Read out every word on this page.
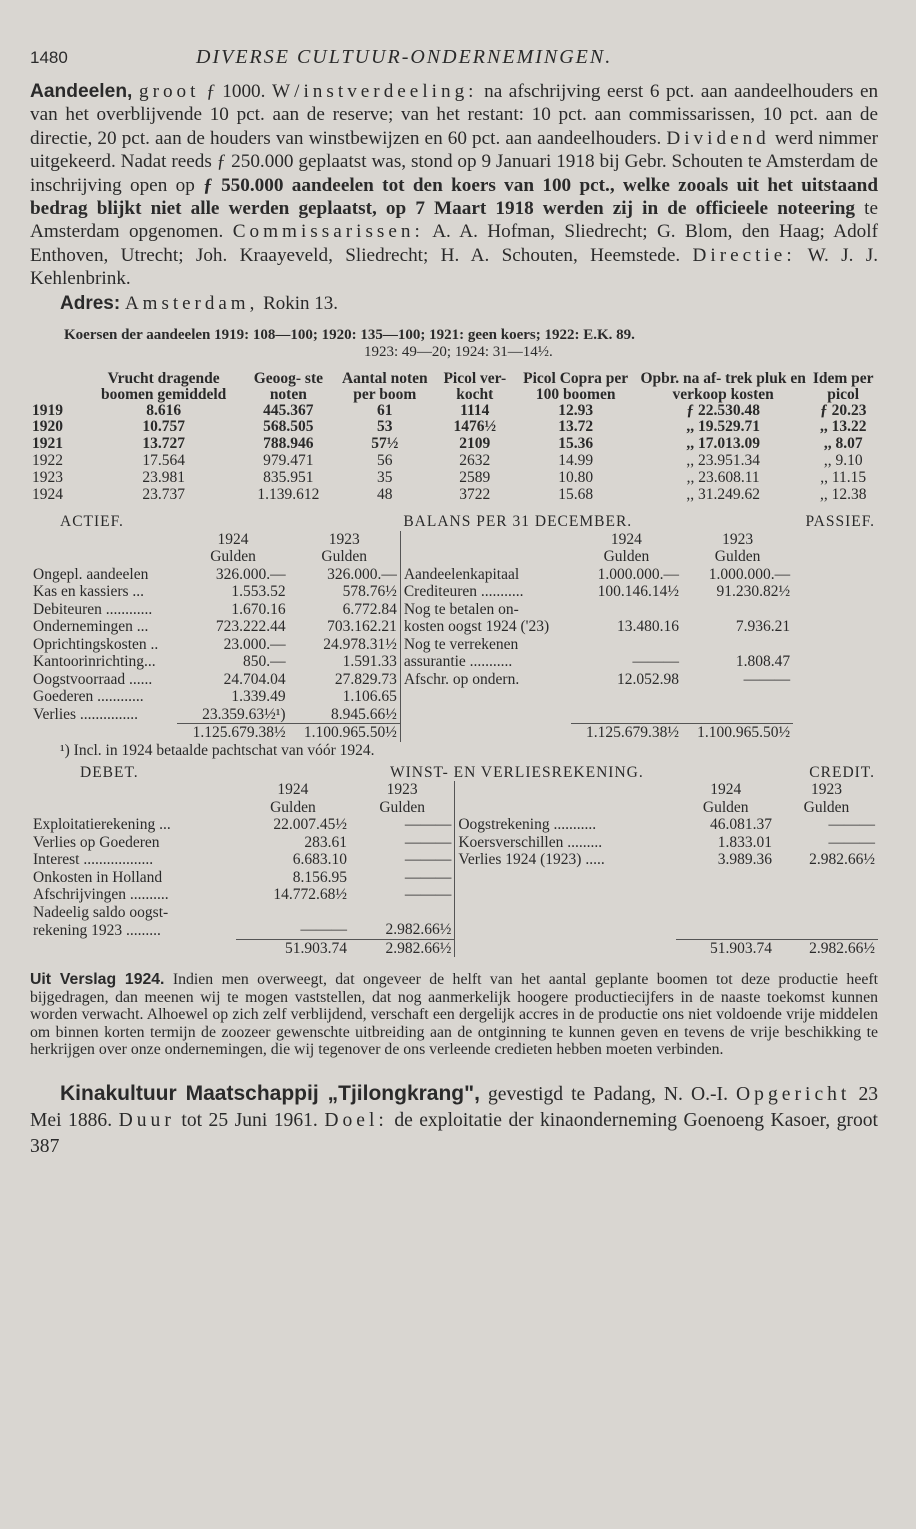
1480	DIVERSE CULTUUR-ONDERNEMINGEN.

Aandeelen, groot ƒ 1000. W/instverdeeling: na afschrijving eerst 6 pct. aan aandeelhouders en van het overblijvende 10 pct. aan de reserve; van het restant: 10 pct. aan commissarissen, 10 pct. aan de directie, 20 pct. aan de houders van winstbewijzen en 60 pct. aan aandeelhouders. Dividend werd nimmer uitgekeerd. Nadat reeds ƒ 250.000 geplaatst was, stond op 9 Januari 1918 bij Gebr. Schouten te Amsterdam de inschrijving open op ƒ 550.000 aandeelen tot den koers van 100 pct., welke zooals uit het uitstaand bedrag blijkt niet alle werden geplaatst, op 7 Maart 1918 werden zij in de officieele noteering te Amsterdam opgenomen. Commissarissen: A. A. Hofman, Sliedrecht; G. Blom, den Haag; Adolf Enthoven, Utrecht; Joh. Kraayeveld, Sliedrecht; H. A. Schouten, Heemstede. Directie: W. J. J. Kehlenbrink.

Adres: Amsterdam, Rokin 13.
Koersen der aandeelen 1919: 108—100; 1920: 135—100; 1921: geen koers; 1922: E.K. 89.
1923: 49—20; 1924: 31—14½.
	Vrucht dragende boomen gemiddeld	Geoog- ste noten	Aantal noten per boom	Picol ver- kocht	Picol Copra per 100 boomen	Opbr. na af- trek pluk en verkoop kosten	Idem per picol
1919	8.616	445.367	61	1114	12.93	ƒ 22.530.48	ƒ 20.23
1920	10.757	568.505	53	1476½	13.72	,, 19.529.71	,, 13.22
1921	13.727	788.946	57½	2109	15.36	,, 17.013.09	,, 8.07
1922	17.564	979.471	56	2632	14.99	,, 23.951.34	,, 9.10
1923	23.981	835.951	35	2589	10.80	,, 23.608.11	,, 11.15
1924	23.737	1.139.612	48	3722	15.68	,, 31.249.62	,, 12.38
ACTIEF.			BALANS PER 31 DECEMBER.			PASSIEF.
	1924	1923		1924	1923	
	Gulden	Gulden		Gulden	Gulden	
Ongepl. aandeelen	326.000.—	326.000.—	Aandeelenkapitaal	1.000.000.—	1.000.000.—	
Kas en kassiers ...	1.553.52	578.76½	Crediteuren ...........	100.146.14½	91.230.82½	
Debiteuren ............	1.670.16	6.772.84	Nog te betalen on-			
Ondernemingen ...	723.222.44	703.162.21	kosten oogst 1924 ('23)	13.480.16	7.936.21	
Oprichtingskosten ..	23.000.—	24.978.31½	Nog te verrekenen			
Kantoorinrichting...	850.—	1.591.33	assurantie ...........	———	1.808.47	
Oogstvoorraad ......	24.704.04	27.829.73	Afschr. op ondern.	12.052.98	———	
Goederen ............	1.339.49	1.106.65				
Verlies ...............	23.359.63½¹)	8.945.66½				
	1.125.679.38½	1.100.965.50½		1.125.679.38½	1.100.965.50½	
¹) Incl. in 1924 betaalde pachtschat van vóór 1924.
DEBET.		WINST- EN VERLIESREKENING.			CREDIT.
	1924	1923		1924	1923
	Gulden	Gulden		Gulden	Gulden
Exploitatierekening ...	22.007.45½	———	Oogstrekening ...........	46.081.37	———
Verlies op Goederen	283.61	———	Koersverschillen .........	1.833.01	———
Interest ..................	6.683.10	———	Verlies 1924 (1923) .....	3.989.36	2.982.66½
Onkosten in Holland	8.156.95	———			
Afschrijvingen ..........	14.772.68½	———			
Nadeelig saldo oogst-					
rekening 1923 .........	———	2.982.66½			
	51.903.74	2.982.66½		51.903.74	2.982.66½

Uit Verslag 1924. Indien men overweegt, dat ongeveer de helft van het aantal geplante boomen tot deze productie heeft bijgedragen, dan meenen wij te mogen vaststellen, dat nog aanmerkelijk hoogere productiecijfers in de naaste toekomst kunnen worden verwacht. Alhoewel op zich zelf verblijdend, verschaft een dergelijk accres in de productie ons niet voldoende vrije middelen om binnen korten termijn de zoozeer gewenschte uitbreiding aan de ontginning te kunnen geven en tevens de vrije beschikking te herkrijgen over onze ondernemingen, die wij tegenover de ons verleende credieten hebben moeten verbinden.

Kinakultuur Maatschappij „Tjilongkrang", gevestigd te Padang, N. O.-I. Opgericht 23 Mei 1886. Duur tot 25 Juni 1961. Doel: de exploitatie der kinaonderneming Goenoeng Kasoer, groot 387
